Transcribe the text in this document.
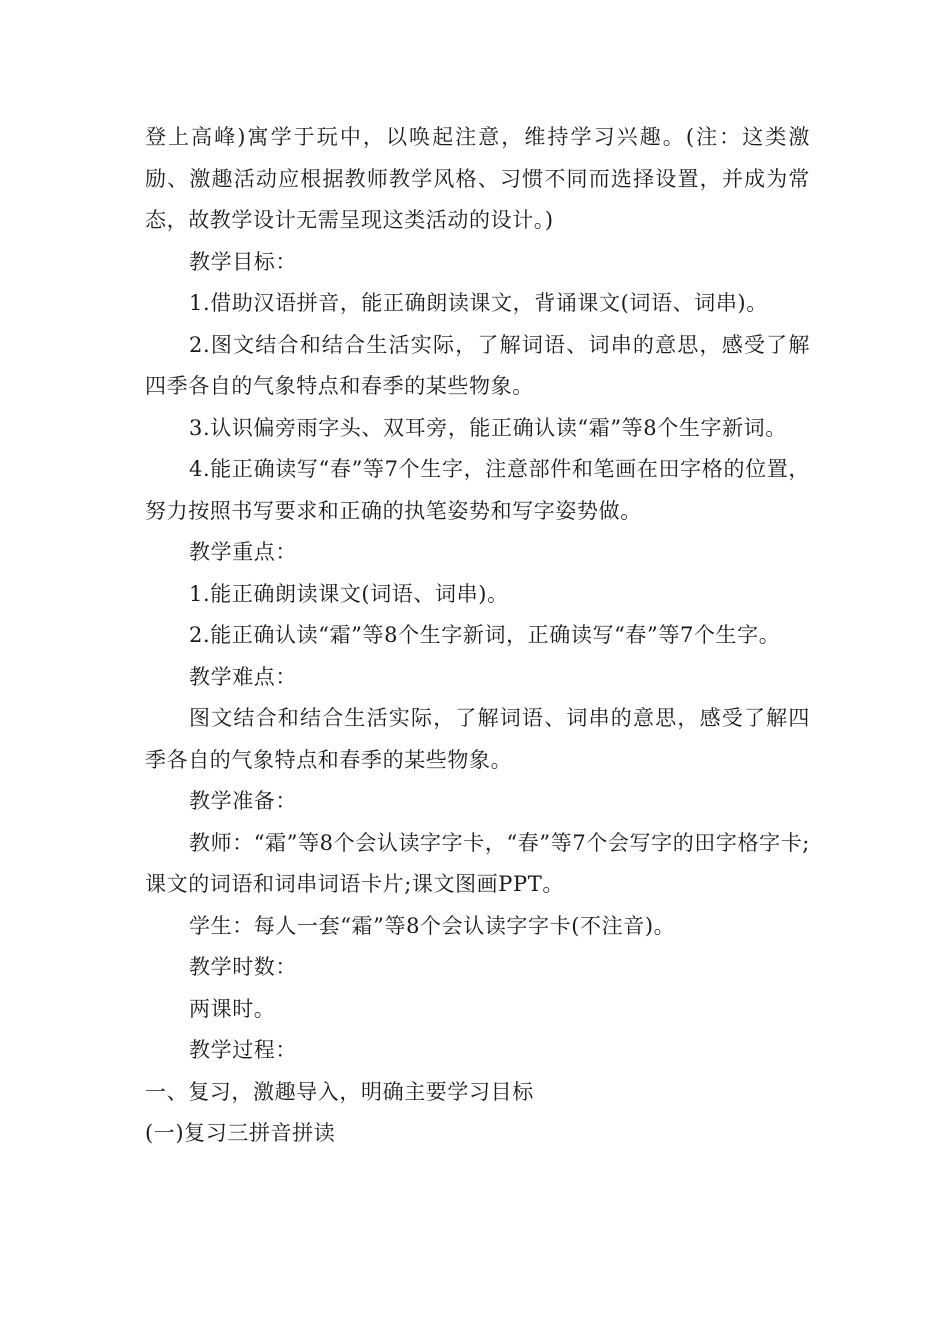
登上高峰)寓学于玩中，以唤起注意，维持学习兴趣。(注：这类激励、激趣活动应根据教师教学风格、习惯不同而选择设置，并成为常态，故教学设计无需呈现这类活动的设计。)

教学目标：

1.借助汉语拼音，能正确朗读课文，背诵课文(词语、词串)。

2.图文结合和结合生活实际，了解词语、词串的意思，感受了解四季各自的气象特点和春季的某些物象。

3.认识偏旁雨字头、双耳旁，能正确认读“霜”等8个生字新词。

4.能正确读写“春”等7个生字，注意部件和笔画在田字格的位置，努力按照书写要求和正确的执笔姿势和写字姿势做。

教学重点：

1.能正确朗读课文(词语、词串)。

2.能正确认读“霜”等8个生字新词，正确读写“春”等7个生字。

教学难点：

图文结合和结合生活实际，了解词语、词串的意思，感受了解四季各自的气象特点和春季的某些物象。

教学准备：

教师：“霜”等8个会认读字字卡，“春”等7个会写字的田字格字卡;课文的词语和词串词语卡片;课文图画PPT。

学生：每人一套“霜”等8个会认读字字卡(不注音)。

教学时数：

两课时。

教学过程：

一、复习，激趣导入，明确主要学习目标

(一)复习三拼音拼读
